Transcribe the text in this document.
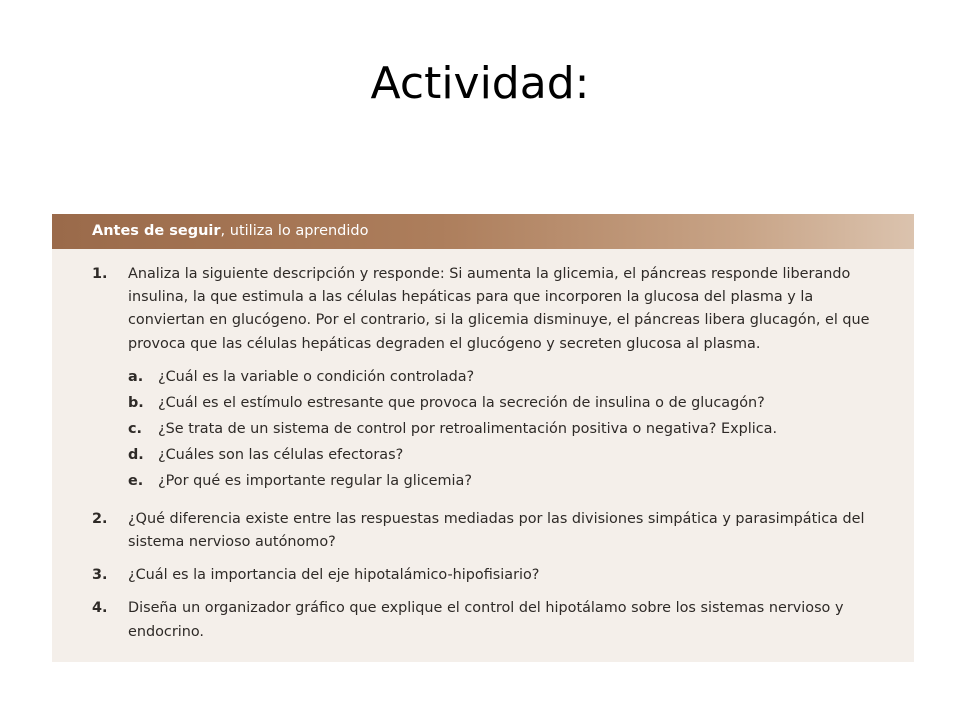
Actividad:
Antes de seguir, utiliza lo aprendido
1.	Analiza la siguiente descripción y responde: Si aumenta la glicemia, el páncreas responde liberando insulina, la que estimula a las células hepáticas para que incorporen la glucosa del plasma y la conviertan en glucógeno. Por el contrario, si la glicemia disminuye, el páncreas libera glucagón, el que provoca que las células hepáticas degraden el glucógeno y secreten glucosa al plasma.
a.	¿Cuál es la variable o condición controlada?
b. ¿Cuál es el estímulo estresante que provoca la secreción de insulina o de glucagón?
c.	¿Se trata de un sistema de control por retroalimentación positiva o negativa? Explica.
d. ¿Cuáles son las células efectoras?
e.	¿Por qué es importante regular la glicemia?
2.	¿Qué diferencia existe entre las respuestas mediadas por las divisiones simpática y parasimpática del sistema nervioso autónomo?
3.	¿Cuál es la importancia del eje hipotalámico-hipofisiario?
4.	Diseña un organizador gráfico que explique el control del hipotálamo sobre los sistemas nervioso y endocrino.
